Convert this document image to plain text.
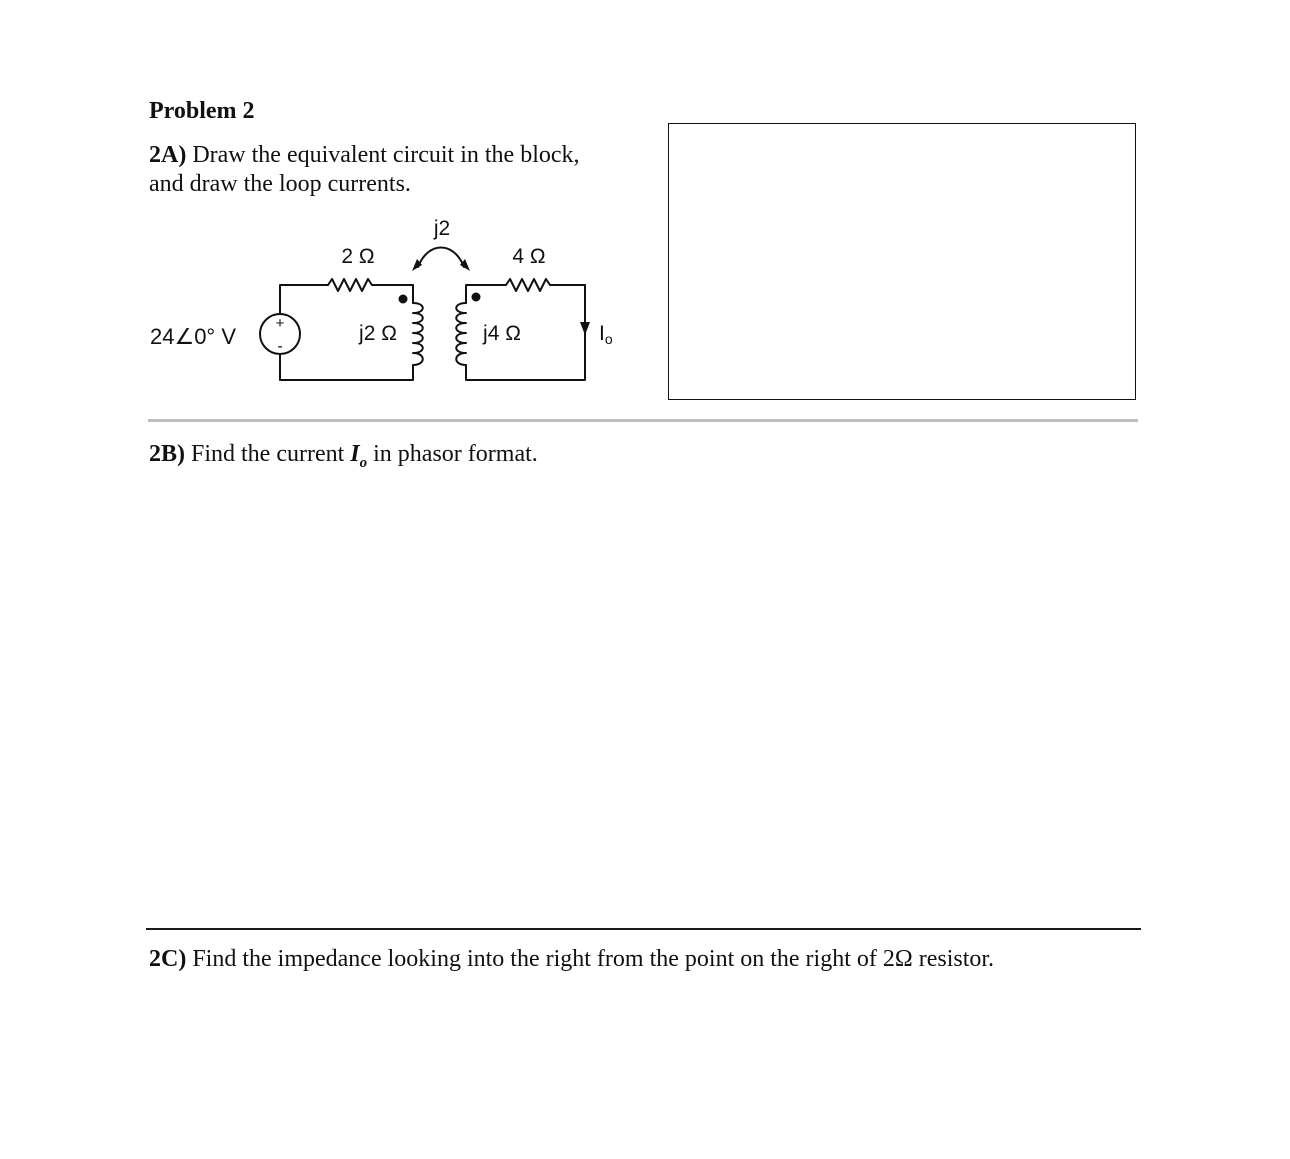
Problem 2

2A) Draw the equivalent circuit in the block,
and draw the loop currents.

+
-
24∠0° V
2 Ω
j2
4 Ω
j2 Ω	j4 Ω	Io

2B) Find the current $I_o$ in phasor format.

2C) Find the impedance looking into the right from the point on the right of 2Ω resistor.
